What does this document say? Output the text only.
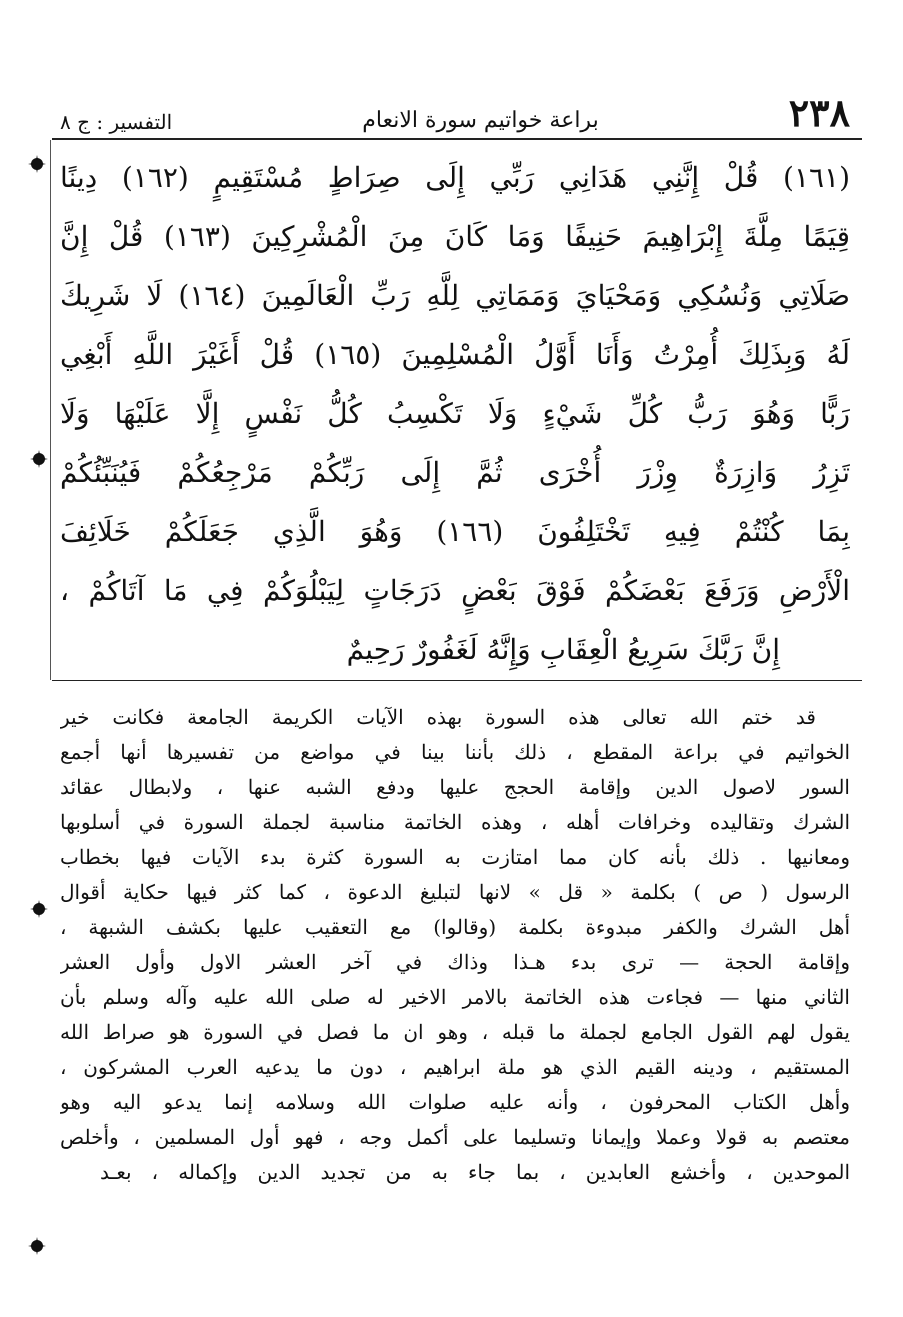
٢٣٨
براعة خواتيم سورة الانعام
التفسير : ج ٨
(١٦١) قُلْ إِنَّنِي هَدَانِي رَبِّي إِلَى صِرَاطٍ مُسْتَقِيمٍ (١٦٢) دِينًا
قِيَمًا مِلَّةَ إِبْرَاهِيمَ حَنِيفًا وَمَا كَانَ مِنَ الْمُشْرِكِينَ (١٦٣) قُلْ إِنَّ
صَلَاتِي وَنُسُكِي وَمَحْيَايَ وَمَمَاتِي لِلَّهِ رَبِّ الْعَالَمِينَ (١٦٤) لَا شَرِيكَ
لَهُ وَبِذَلِكَ أُمِرْتُ وَأَنَا أَوَّلُ الْمُسْلِمِينَ (١٦٥) قُلْ أَغَيْرَ اللَّهِ أَبْغِي
رَبًّا وَهُوَ رَبُّ كُلِّ شَيْءٍ وَلَا تَكْسِبُ كُلُّ نَفْسٍ إِلَّا عَلَيْهَا وَلَا
تَزِرُ وَازِرَةٌ وِزْرَ أُخْرَى ثُمَّ إِلَى رَبِّكُمْ مَرْجِعُكُمْ فَيُنَبِّئُكُمْ
بِمَا كُنْتُمْ فِيهِ تَخْتَلِفُونَ (١٦٦) وَهُوَ الَّذِي جَعَلَكُمْ خَلَائِفَ
الْأَرْضِ وَرَفَعَ بَعْضَكُمْ فَوْقَ بَعْضٍ دَرَجَاتٍ لِيَبْلُوَكُمْ فِي مَا آتَاكُمْ ،
إِنَّ رَبَّكَ سَرِيعُ الْعِقَابِ وَإِنَّهُ لَغَفُورٌ رَحِيمٌ
قد ختم الله تعالى هذه السورة بهذه الآيات الكريمة الجامعة فكانت خير
الخواتيم في براعة المقطع ، ذلك بأننا بينا في مواضع من تفسيرها أنها أجمع
السور لاصول الدين وإقامة الحجج عليها ودفع الشبه عنها ، ولابطال عقائد
الشرك وتقاليده وخرافات أهله ، وهذه الخاتمة مناسبة لجملة السورة في أسلوبها
ومعانيها . ذلك بأنه كان مما امتازت به السورة كثرة بدء الآيات فيها بخطاب
الرسول ( ص ) بكلمة « قل » لانها لتبليغ الدعوة ، كما كثر فيها حكاية أقوال
أهل الشرك والكفر مبدوءة بكلمة (وقالوا) مع التعقيب عليها بكشف الشبهة ،
وإقامة الحجة — ترى بدء هـذا وذاك في آخر العشر الاول وأول العشر
الثاني منها — فجاءت هذه الخاتمة بالامر الاخير له صلى الله عليه وآله وسلم بأن
يقول لهم القول الجامع لجملة ما قبله ، وهو ان ما فصل في السورة هو صراط الله
المستقيم ، ودينه القيم الذي هو ملة ابراهيم ، دون ما يدعيه العرب المشركون ،
وأهل الكتاب المحرفون ، وأنه عليه صلوات الله وسلامه إنما يدعو اليه وهو
معتصم به قولا وعملا وإيمانا وتسليما على أكمل وجه ، فهو أول المسلمين ، وأخلص
الموحدين ، وأخشع العابدين ، بما جاء به من تجديد الدين وإكماله ، بعـد
